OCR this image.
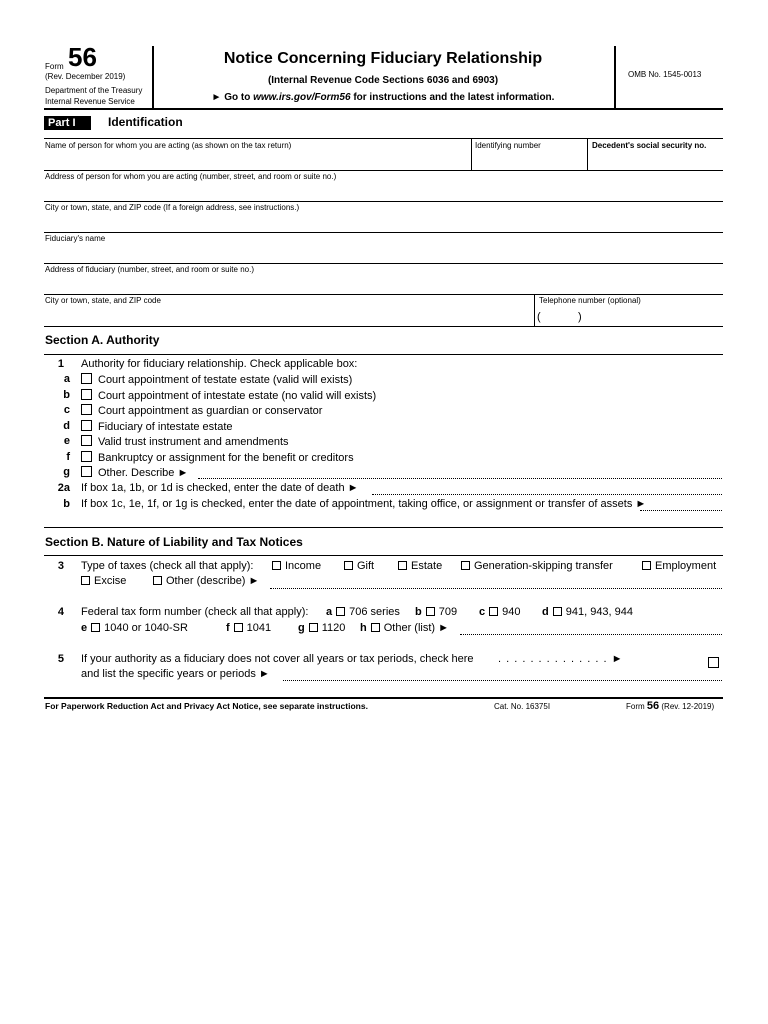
Form 56
(Rev. December 2019)
Department of the Treasury
Internal Revenue Service
Notice Concerning Fiduciary Relationship
(Internal Revenue Code Sections 6036 and 6903)
► Go to www.irs.gov/Form56 for instructions and the latest information.
OMB No. 1545-0013
Part I	Identification
Name of person for whom you are acting (as shown on the tax return)	Identifying number	Decedent's social security no.
Address of person for whom you are acting (number, street, and room or suite no.)
City or town, state, and ZIP code (If a foreign address, see instructions.)
Fiduciary's name
Address of fiduciary (number, street, and room or suite no.)
City or town, state, and ZIP code	Telephone number (optional)
(	)
Section A. Authority
1 Authority for fiduciary relationship. Check applicable box:
a	Court appointment of testate estate (valid will exists)
b	Court appointment of intestate estate (no valid will exists)
c	Court appointment as guardian or conservator
d	Fiduciary of intestate estate
e	Valid trust instrument and amendments
f	Bankruptcy or assignment for the benefit or creditors
g	Other. Describe ►
2a If box 1a, 1b, or 1d is checked, enter the date of death ►
b If box 1c, 1e, 1f, or 1g is checked, enter the date of appointment, taking office, or assignment or transfer of assets ►
Section B. Nature of Liability and Tax Notices
3 Type of taxes (check all that apply):	Income	Gift	Estate	Generation-skipping transfer	Employment
Excise	Other (describe) ►
4 Federal tax form number (check all that apply): a 706 series b 709 c 940 d 941, 943, 944
e 1040 or 1040-SR	f 1041 g 1120 h Other (list) ►
5 If your authority as a fiduciary does not cover all years or tax periods, check here . . . . . . . . . . . . . . ►
and list the specific years or periods ►
For Paperwork Reduction Act and Privacy Act Notice, see separate instructions.	Cat. No. 16375I	Form 56 (Rev. 12-2019)
